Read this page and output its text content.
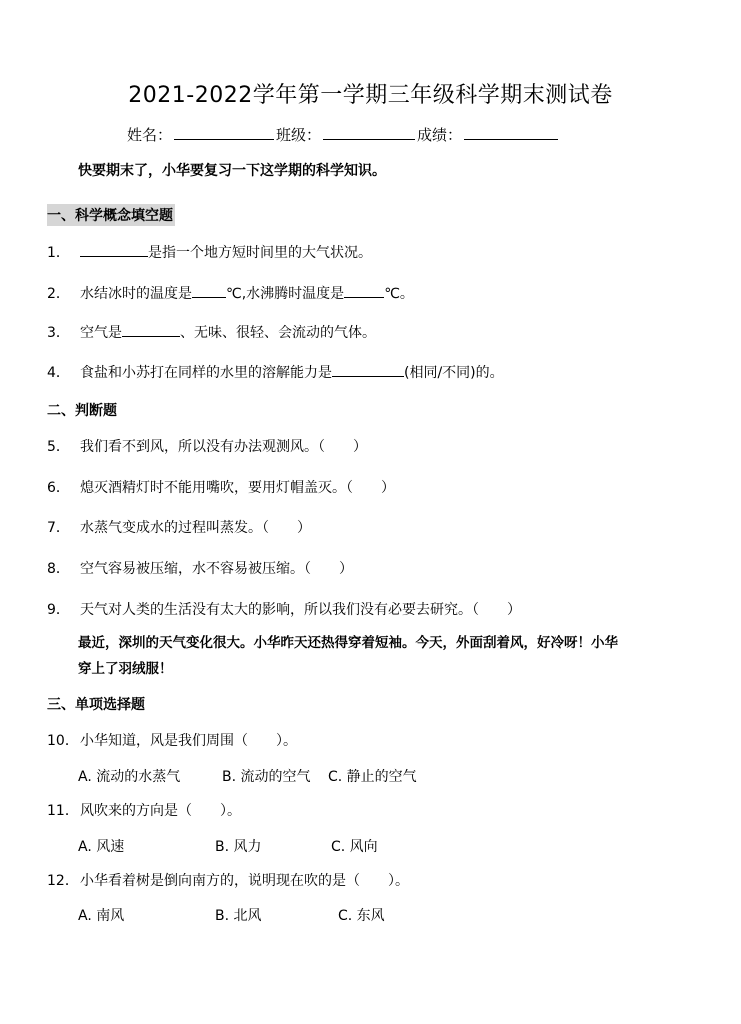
2021-2022学年第一学期三年级科学期末测试卷
姓名：	班级：	成绩：
快要期末了，小华要复习一下这学期的科学知识。
一、科学概念填空题
1．	是指一个地方短时间里的大气状况。
2． 水结冰时的温度是 ℃,水沸腾时温度是	℃。
3． 空气是	、无味、很轻、会流动的气体。
4． 食盐和小苏打在同样的水里的溶解能力是	(相同/不同)的。
二、判断题
5． 我们看不到风，所以没有办法观测风。（　　）
6． 熄灭酒精灯时不能用嘴吹，要用灯帽盖灭。（　　）
7． 水蒸气变成水的过程叫蒸发。（　　）
8． 空气容易被压缩，水不容易被压缩。（　　）
9． 天气对人类的生活没有太大的影响，所以我们没有必要去研究。（　　）
最近，深圳的天气变化很大。小华昨天还热得穿着短袖。今天，外面刮着风，好冷呀！小华
穿上了羽绒服！
三、单项选择题
10．小华知道，风是我们周围（　　）。
A. 流动的水蒸气	B. 流动的空气 C. 静止的空气
11．风吹来的方向是（　　）。
A. 风速	B. 风力	C. 风向
12．小华看着树是倒向南方的，说明现在吹的是（　　）。
A. 南风	B. 北风	C. 东风
